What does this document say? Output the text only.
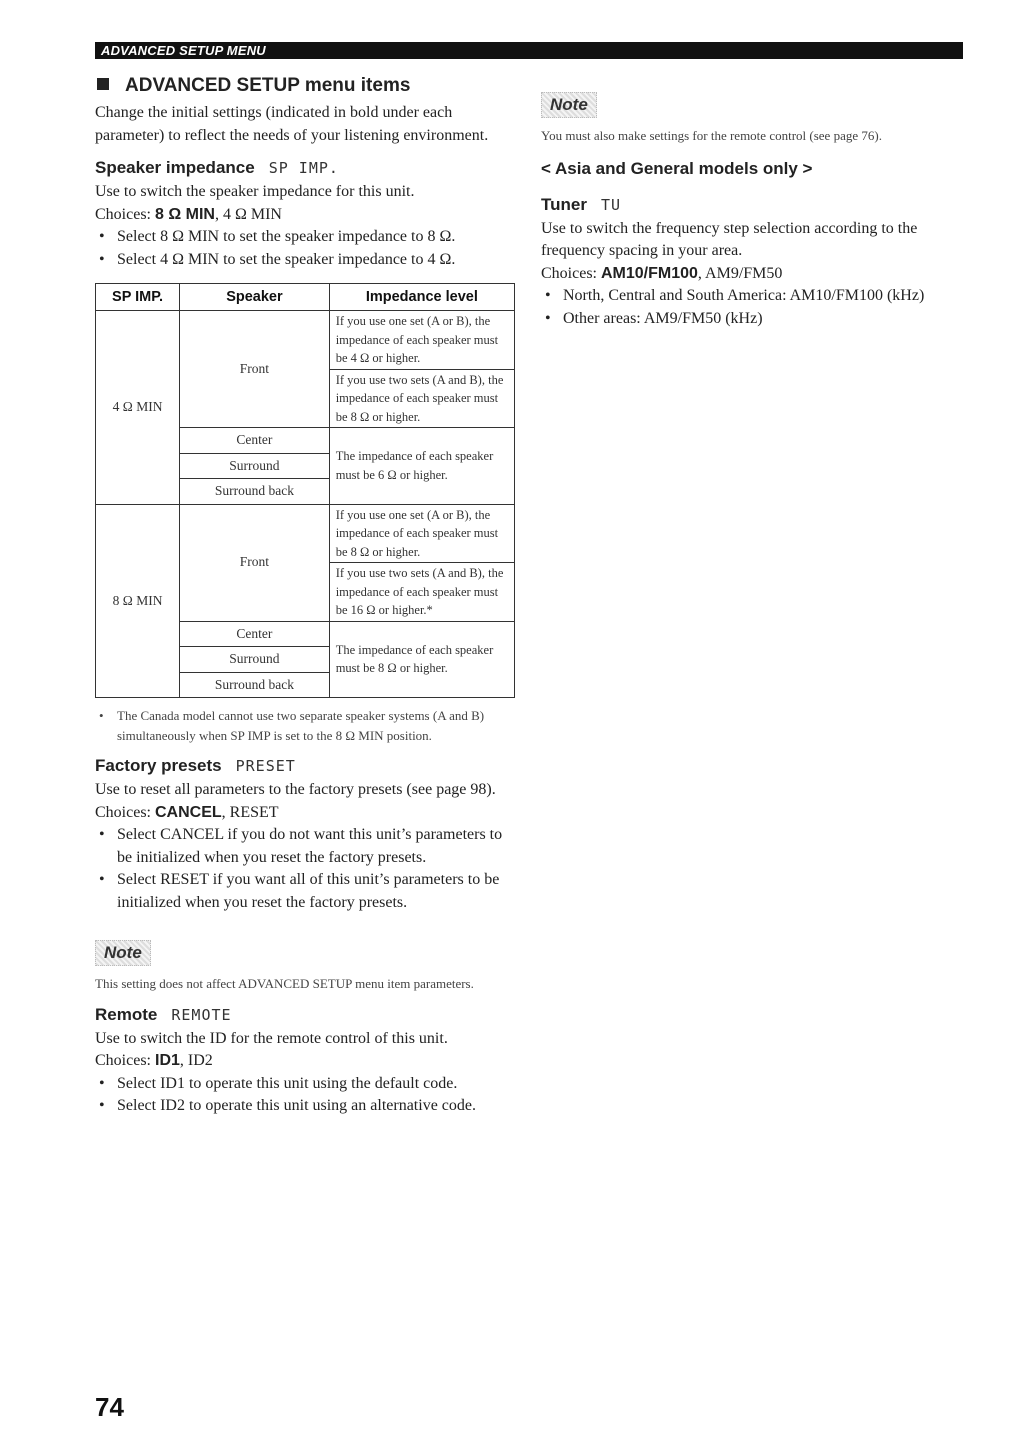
ADVANCED SETUP MENU
ADVANCED SETUP menu items

Change the initial settings (indicated in bold under each parameter) to reflect the needs of your listening environment.

Speaker impedance SP IMP.

Use to switch the speaker impedance for this unit.

Choices: 8 Ω MIN, 4 Ω MIN

• Select 8 Ω MIN to set the speaker impedance to 8 Ω.
• Select 4 Ω MIN to set the speaker impedance to 4 Ω.
SP IMP.	Speaker	Impedance level
4 Ω MIN	Front	If you use one set (A or B), the impedance of each speaker must be 4 Ω or higher.
		If you use two sets (A and B), the impedance of each speaker must be 8 Ω or higher.
	Center	The impedance of each speaker must be 6 Ω or higher.
	Surround	
	Surround back	
8 Ω MIN	Front	If you use one set (A or B), the impedance of each speaker must be 8 Ω or higher.
		If you use two sets (A and B), the impedance of each speaker must be 16 Ω or higher.*
	Center	The impedance of each speaker must be 8 Ω or higher.
	Surround	
	Surround back	
• The Canada model cannot use two separate speaker systems (A and B) simultaneously when SP IMP is set to the 8 Ω MIN position.
Factory presets PRESET

Use to reset all parameters to the factory presets (see page 98).

Choices: CANCEL, RESET

• Select CANCEL if you do not want this unit’s parameters to be initialized when you reset the factory presets.
• Select RESET if you want all of this unit’s parameters to be initialized when you reset the factory presets.
Note

This setting does not affect ADVANCED SETUP menu item parameters.

Remote REMOTE

Use to switch the ID for the remote control of this unit.

Choices: ID1, ID2

• Select ID1 to operate this unit using the default code.
• Select ID2 to operate this unit using an alternative code.
Note

You must also make settings for the remote control (see page 76).

< Asia and General models only >
Tuner TU

Use to switch the frequency step selection according to the frequency spacing in your area.

Choices: AM10/FM100, AM9/FM50

• North, Central and South America: AM10/FM100 (kHz)
• Other areas: AM9/FM50 (kHz)
74
